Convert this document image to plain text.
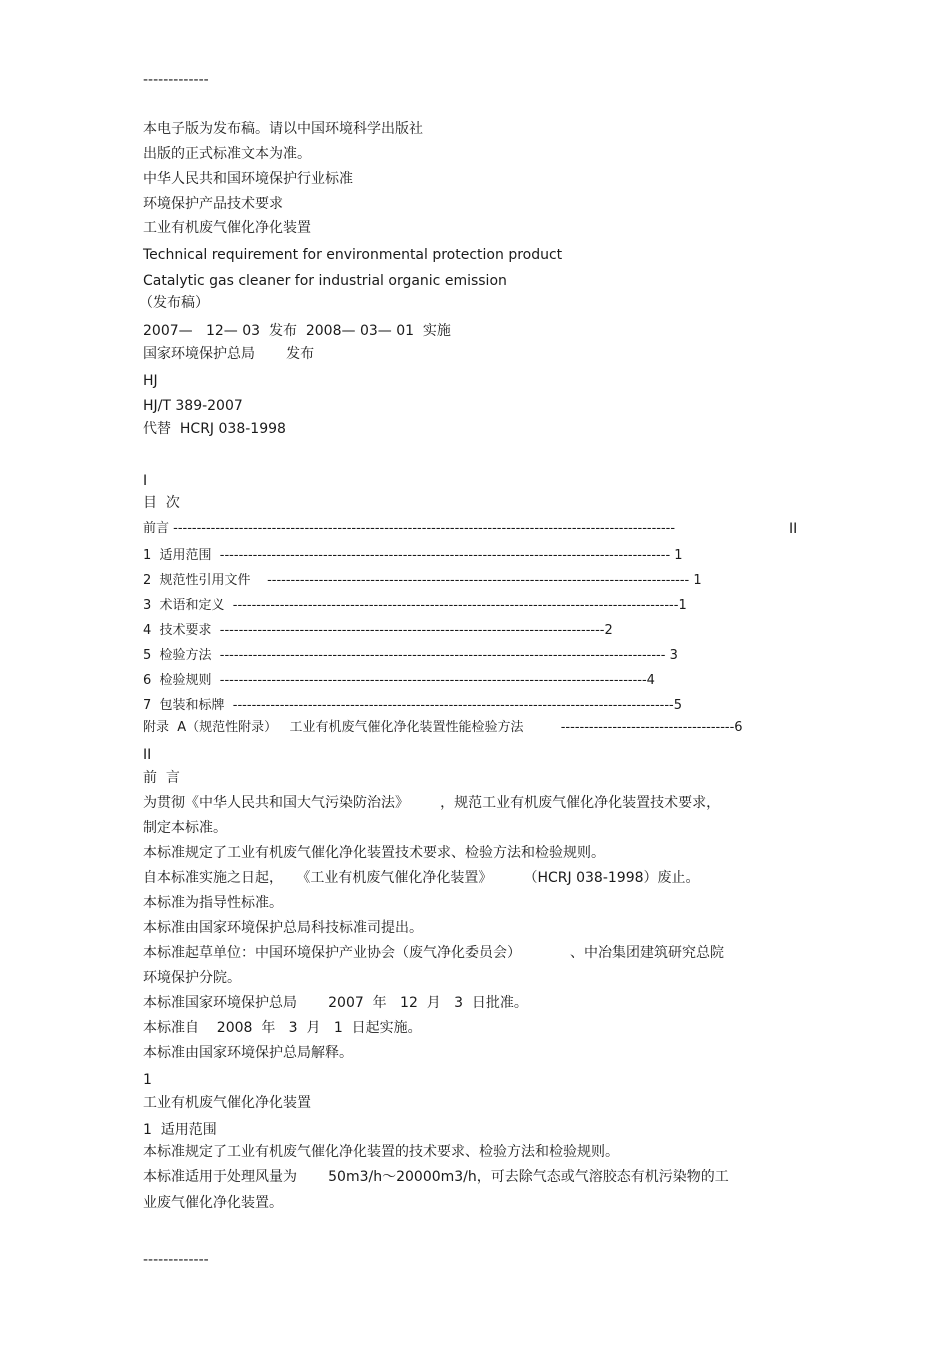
-------------
本电子版为发布稿。请以中国环境科学出版社
出版的正式标准文本为准。
中华人民共和国环境保护行业标准
环境保护产品技术要求
工业有机废气催化净化装置
Technical requirement for environmental protection product
Catalytic gas cleaner for industrial organic emission
（发布稿）
2007—   12— 03  发布  2008— 03— 01  实施
国家环境保护总局       发布
HJ
HJ/T 389-2007
代替  HCRJ 038-1998
I
目  次
前言 -----------------------------------------------------------------------------------------------------------	II
1  适用范围  ------------------------------------------------------------------------------------------------ 1
2  规范性引用文件    ------------------------------------------------------------------------------------------ 1
3  术语和定义  -----------------------------------------------------------------------------------------------1
4  技术要求  ----------------------------------------------------------------------------------2
5  检验方法  ----------------------------------------------------------------------------------------------- 3
6  检验规则  -------------------------------------------------------------------------------------------4
7  包装和标牌  ----------------------------------------------------------------------------------------------5
附录  A（规范性附录）   工业有机废气催化净化装置性能检验方法         -------------------------------------6
II
前  言
为贯彻《中华人民共和国大气污染防治法》       ，规范工业有机废气催化净化装置技术要求，
制定本标准。
本标准规定了工业有机废气催化净化装置技术要求、检验方法和检验规则。
自本标准实施之日起，   《工业有机废气催化净化装置》       （HCRJ 038-1998）废止。
本标准为指导性标准。
本标准由国家环境保护总局科技标准司提出。
本标准起草单位：中国环境保护产业协会（废气净化委员会）           、中冶集团建筑研究总院
环境保护分院。
本标准国家环境保护总局       2007  年   12  月   3  日批准。
本标准自    2008  年   3  月   1  日起实施。
本标准由国家环境保护总局解释。
1
工业有机废气催化净化装置
1  适用范围
本标准规定了工业有机废气催化净化装置的技术要求、检验方法和检验规则。
本标准适用于处理风量为       50m3/h～20000m3/h，可去除气态或气溶胶态有机污染物的工
业废气催化净化装置。
-------------
